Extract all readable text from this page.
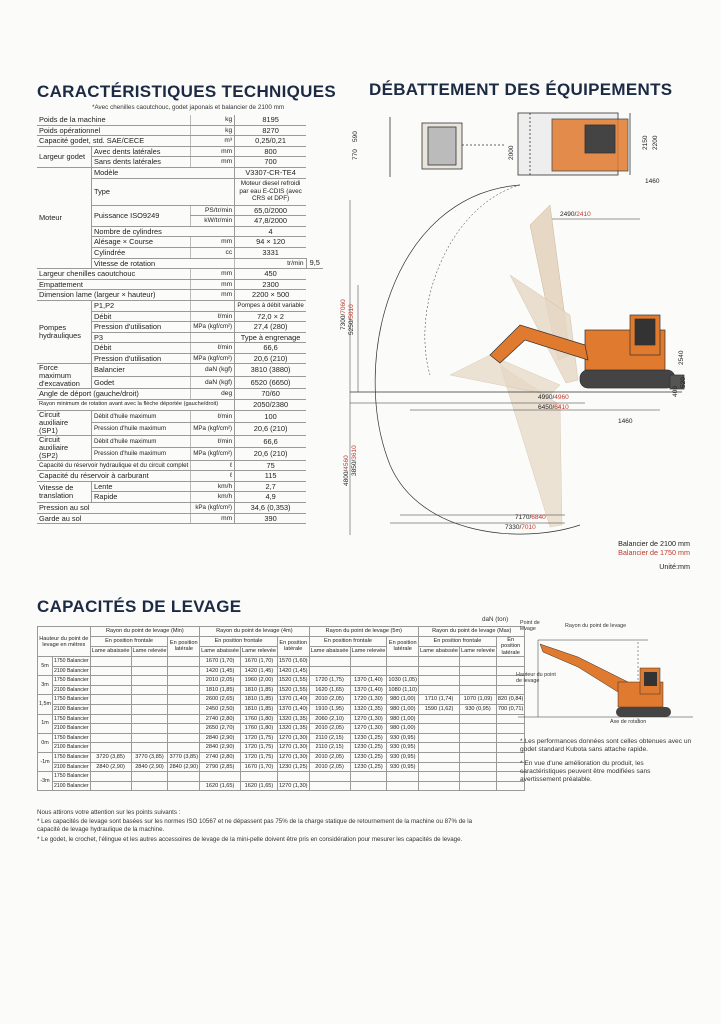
CARACTÉRISTIQUES TECHNIQUES
*Avec chenilles caoutchouc, godet japonais et balancier de 2100 mm
DÉBATTEMENT DES ÉQUIPEMENTS
CAPACITÉS DE LEVAGE
Poids de la machine		kg	8195	
Poids opérationnel		kg	8270	
Capacité godet, std. SAE/CECE		m³	0,25/0,21	
Largeur godet	Avec dents latérales	mm	800	
	Sans dents latérales	mm	700	
Moteur	Modèle		V3307-CR-TE4	
	Type		Moteur diesel refroidi par eau E-CDIS (avec CRS et DPF)	
	Puissance ISO9249	PS/tr/min	65,0/2000	
		kW/tr/min	47,8/2000	
	Nombre de cylindres		4	
	Alésage × Course	mm	94 × 120	
	Cylindrée	cc	3331	
	Vitesse de rotation		tr/min	9,5
Largeur chenilles caoutchouc		mm	450	
Empattement		mm	2300	
Dimension lame (largeur × hauteur)		mm	2200 × 500	
Pompes hydrauliques	P1,P2		Pompes à débit variable	
	Débit	ℓ/min	72,0 × 2	
	Pression d'utilisation	MPa (kgf/cm²)	27,4 (280)	
	P3		Type à engrenage	
	Débit	ℓ/min	66,6	
	Pression d'utilisation	MPa (kgf/cm²)	20,6 (210)	
Force maximum d'excavation	Balancier	daN (kgf)	3810 (3880)	
	Godet	daN (kgf)	6520 (6650)	
Angle de déport (gauche/droit)		deg	70/60	
Rayon minimum de rotation avant avec la flèche déportée (gauche/droit)			2050/2380	
Circuit auxiliaire (SP1)	Débit d'huile maximum	ℓ/min	100	
	Pression d'huile maximum	MPa (kgf/cm²)	20,6 (210)	
Circuit auxiliaire (SP2)	Débit d'huile maximum	ℓ/min	66,6	
	Pression d'huile maximum	MPa (kgf/cm²)	20,6 (210)	
Capacité du réservoir hydraulique et du circuit complet		ℓ	75	
Capacité du réservoir à carburant		ℓ	115	
Vitesse de translation	Lente	km/h	2,7	
	Rapide	km/h	4,9	
Pression au sol		kPa (kgf/cm²)	34,6 (0,353)	
Garde au sol		mm	390	
770
590
2000
2150 2200
1460
2490/2410
7300/7060
5250/5010
2540
400
520
4990/4960
6450/6410
1460
4800/4560 3850/3610
7170/6840
7330/7010
Balancier de 2100 mm
Balancier de 1750 mm
Unité:mm
daN (ton)
Hauteur du point de levage en mètres		Rayon du point de levage (Min)			Rayon du point de levage (4m)			Rayon du point de levage (5m)			Rayon du point de levage (Max)		
		En position frontale		En position latérale	En position frontale		En position latérale	En position frontale		En position latérale	En position frontale		En position latérale
		Lame abaissée	Lame relevée		Lame abaissée	Lame relevée		Lame abaissée	Lame relevée		Lame abaissée	Lame relevée	
5m	1750 Balancier				1670 (1,70)	1670 (1,70)	1570 (1,60)						
	2100 Balancier				1420 (1,45)	1420 (1,45)	1420 (1,45)						
3m	1750 Balancier				2010 (2,05)	1960 (2,00)	1520 (1,55)	1720 (1,75)	1370 (1,40)	1030 (1,05)			
	2100 Balancier				1810 (1,85)	1810 (1,85)	1520 (1,55)	1620 (1,65)	1370 (1,40)	1080 (1,10)			
1,5m	1750 Balancier				2600 (2,65)	1810 (1,85)	1370 (1,40)	2010 (2,05)	1720 (1,30)	980 (1,00)	1710 (1,74)	1070 (1,09)	820 (0,84)
	2100 Balancier				2450 (2,50)	1810 (1,85)	1370 (1,40)	1910 (1,95)	1320 (1,35)	980 (1,00)	1590 (1,62)	930 (0,95)	700 (0,71)
1m	1750 Balancier				2740 (2,80)	1760 (1,80)	1320 (1,35)	2060 (2,10)	1270 (1,30)	980 (1,00)			
	2100 Balancier				2650 (2,70)	1760 (1,80)	1320 (1,35)	2010 (2,05)	1270 (1,30)	980 (1,00)			
0m	1750 Balancier				2840 (2,90)	1720 (1,75)	1270 (1,30)	2110 (2,15)	1230 (1,25)	930 (0,95)			
	2100 Balancier				2840 (2,90)	1720 (1,75)	1270 (1,30)	2110 (2,15)	1230 (1,25)	930 (0,95)			
-1m	1750 Balancier	3720 (3,85)	3770 (3,85)	3770 (3,85)	2740 (2,80)	1720 (1,75)	1270 (1,30)	2010 (2,05)	1230 (1,25)	930 (0,95)			
	2100 Balancier	2840 (2,90)	2840 (2,90)	2840 (2,90)	2790 (2,85)	1670 (1,70)	1230 (1,25)	2010 (2,05)	1230 (1,25)	930 (0,95)			
-3m	1750 Balancier												
	2100 Balancier				1620 (1,65)	1620 (1,65)	1270 (1,30)						
Point de levage	Rayon du point de levage
Hauteur du point de levage
Axe de rotation
* Les performances données sont celles obtenues avec un godet standard Kubota sans attache rapide.
* En vue d'une amélioration du produit, les caractéristiques peuvent être modifiées sans avertissement préalable.
Nous attirons votre attention sur les points suivants :
* Les capacités de levage sont basées sur les normes ISO 10567 et ne dépassent pas 75% de la charge statique de retournement de la machine ou 87% de la capacité de levage hydraulique de la machine.
* Le godet, le crochet, l'élingue et les autres accessoires de levage de la mini-pelle doivent être pris en considération pour mesurer les capacités de levage.
